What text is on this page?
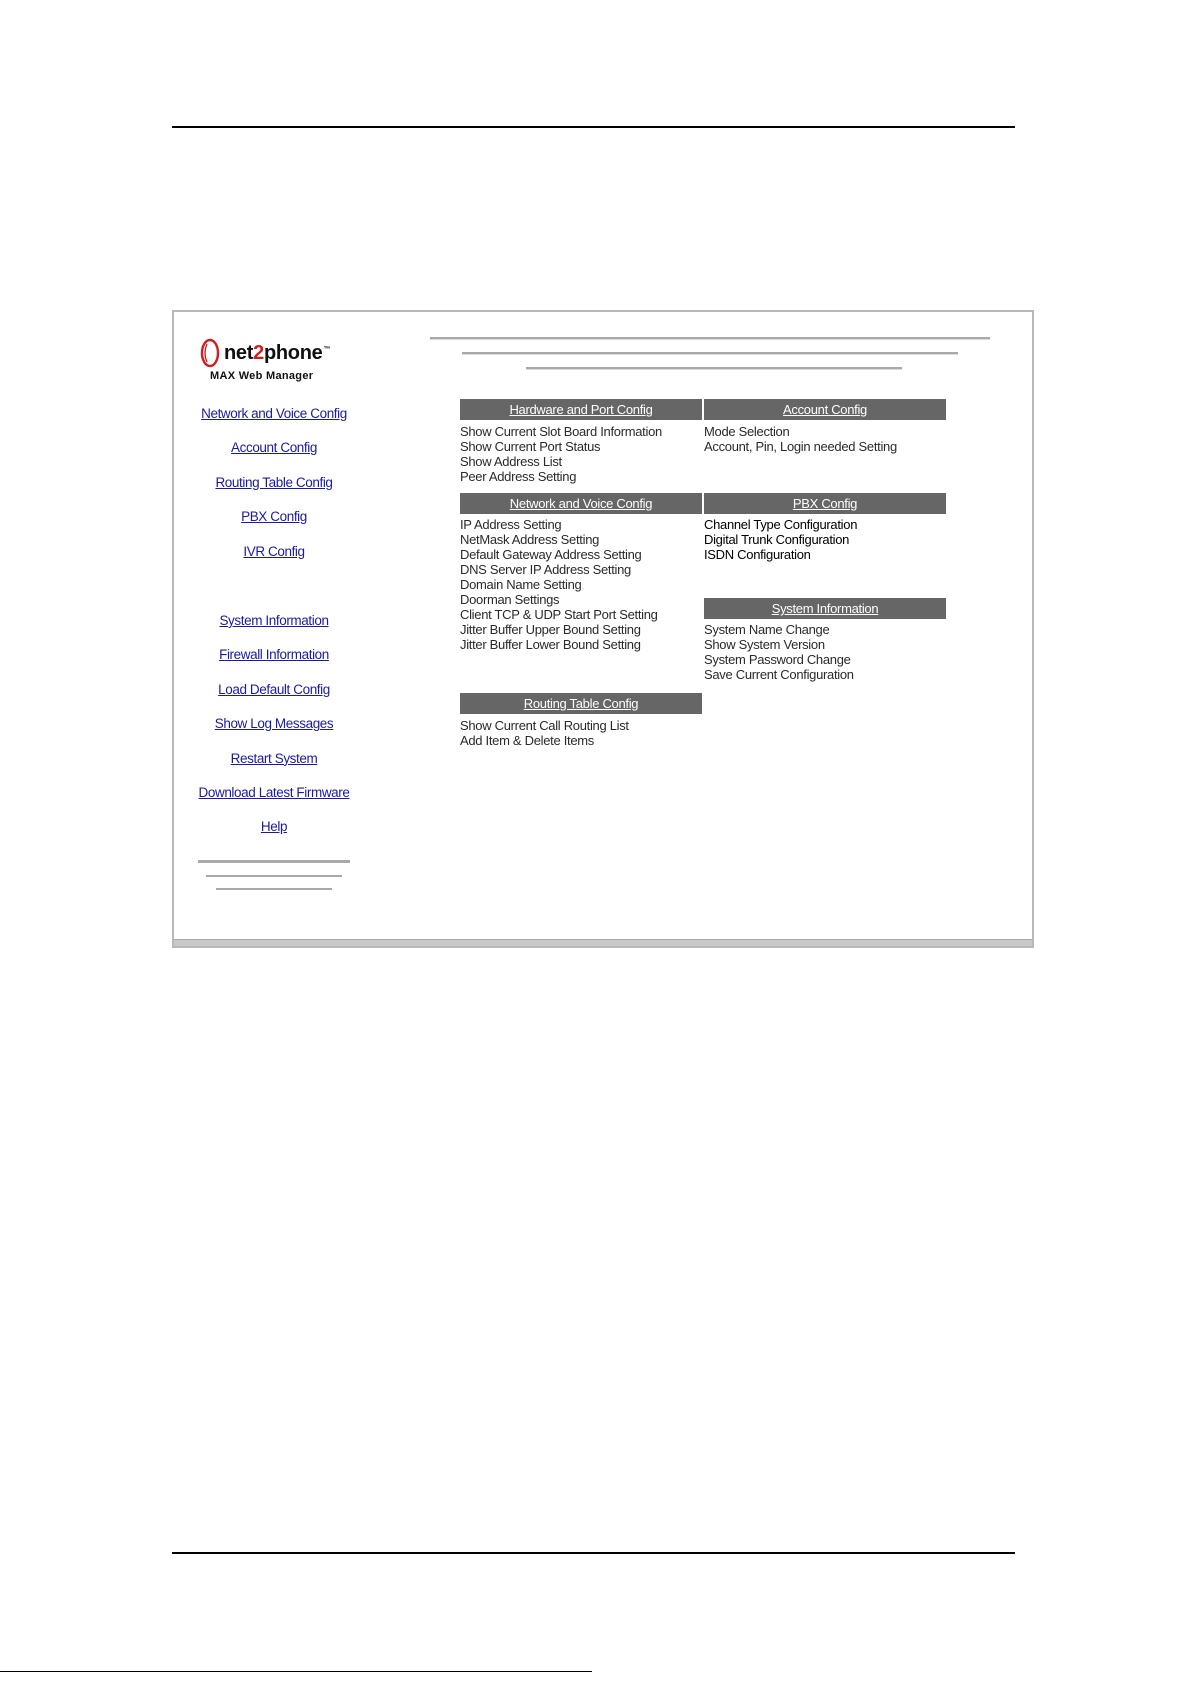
net2phone™
MAX Web Manager
Network and Voice Config
Account Config
Routing Table Config
PBX Config
IVR Config
System Information
Firewall Information
Load Default Config
Show Log Messages
Restart System
Download Latest Firmware
Help
Hardware and Port Config
Show Current Slot Board Information
Show Current Port Status
Show Address List
Peer Address Setting
Account Config
Mode Selection
Account, Pin, Login needed Setting
Network and Voice Config
IP Address Setting
NetMask Address Setting
Default Gateway Address Setting
DNS Server IP Address Setting
Domain Name Setting
Doorman Settings
Client TCP & UDP Start Port Setting
Jitter Buffer Upper Bound Setting
Jitter Buffer Lower Bound Setting
PBX Config
Channel Type Configuration
Digital Trunk Configuration
ISDN Configuration
System Information
System Name Change
Show System Version
System Password Change
Save Current Configuration
Routing Table Config
Show Current Call Routing List
Add Item & Delete Items
